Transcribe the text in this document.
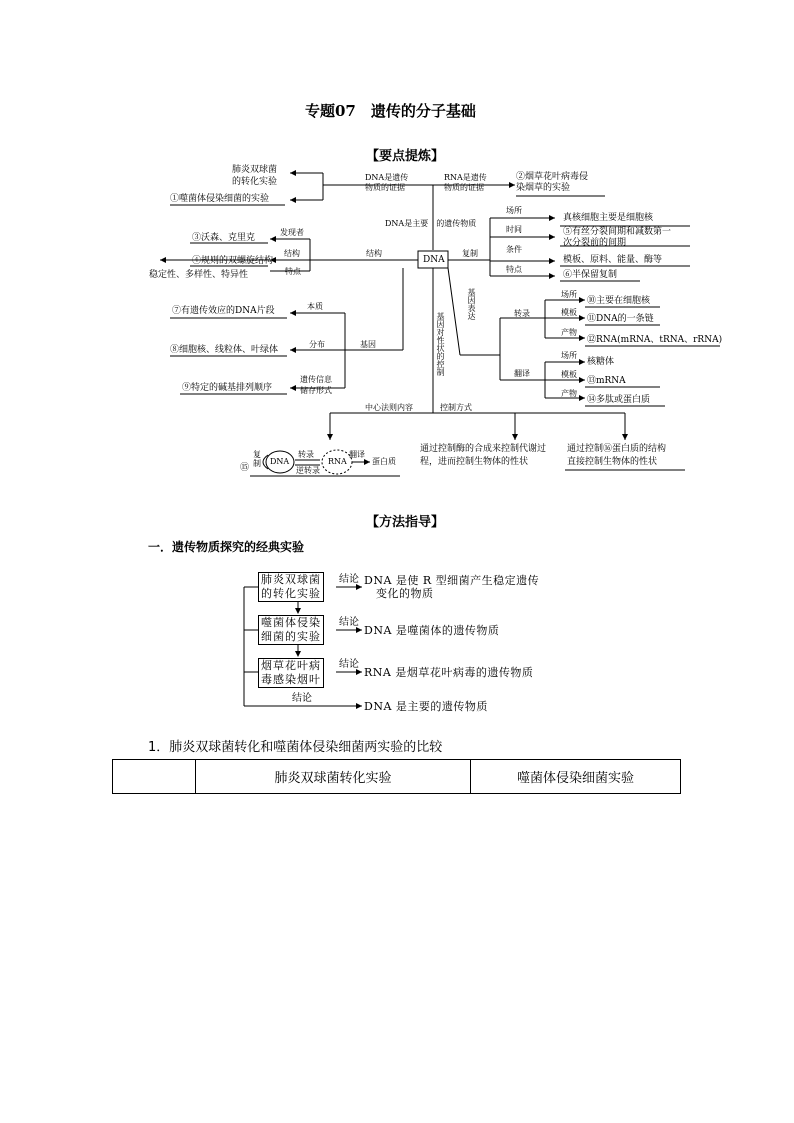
专题07　遗传的分子基础
【要点提炼】
肺炎双球菌
的转化实验
①噬菌体侵染细菌的实验
DNA是遗传
物质的证据
RNA是遗传
物质的证据
②烟草花叶病毒侵
染烟草的实验
DNA是主要　的遗传物质
发现者
③沃森、克里克
结构	结构
④规则的双螺旋结构
特点
稳定性、多样性、特异性
DNA
复制
场所
真核细胞主要是细胞核
时间	⑤有丝分裂间期和减数第一
次分裂前的间期
条件
模板、原料、能量、酶等
特点
⑥半保留复制
基因表达	转录
场所
⑩主要在细胞核
模板
⑪DNA的一条链
产物
⑫RNA(mRNA、tRNA、rRNA)
翻译
场所
核糖体
模板
⑬mRNA
产物
⑭多肽或蛋白质
基因对性状的控制
本质
⑦有遗传效应的DNA片段
分布	基因
⑧细胞核、线粒体、叶绿体
遗传信息
储存形式
⑨特定的碱基排列顺序
中心法则内容	控制方式
通过控制酶的合成来控制代谢过
程，进而控制生物体的性状
通过控制⑯蛋白质的结构
直接控制生物体的性状
⑮
复制 DNA
转录
逆转录
RNA
翻译
蛋白质
【方法指导】
一．遗传物质探究的经典实验
肺炎双球菌
的转化实验
噬菌体侵染
细菌的实验
烟草花叶病
毒感染烟叶
结论
结论
结论
结论
DNA 是使 R 型细菌产生稳定遗传
变化的物质
DNA 是噬菌体的遗传物质
RNA 是烟草花叶病毒的遗传物质
DNA 是主要的遗传物质
1．肺炎双球菌转化和噬菌体侵染细菌两实验的比较
	肺炎双球菌转化实验	噬菌体侵染细菌实验
